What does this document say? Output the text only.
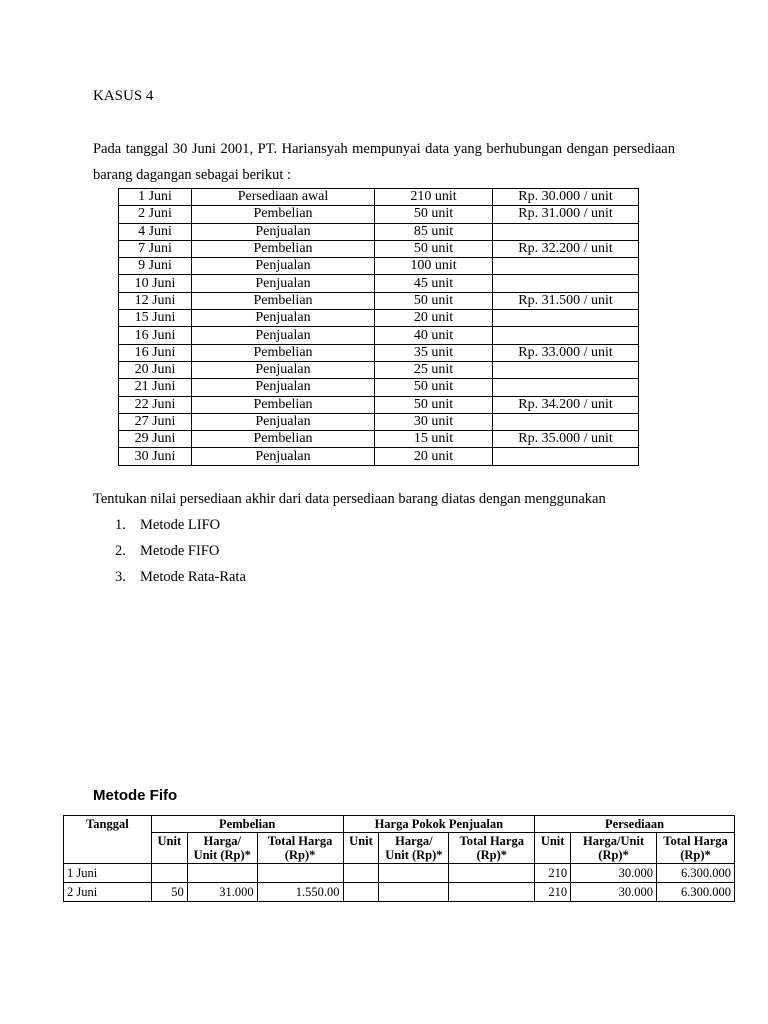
KASUS 4
Pada tanggal 30 Juni 2001, PT. Hariansyah mempunyai data yang berhubungan dengan persediaan barang dagangan sebagai berikut :
1 Juni	Persediaan awal	210 unit	Rp. 30.000 / unit
2 Juni	Pembelian	50 unit	Rp. 31.000 / unit
4 Juni	Penjualan	85 unit	
7 Juni	Pembelian	50 unit	Rp. 32.200 / unit
9 Juni	Penjualan	100 unit	
10 Juni	Penjualan	45 unit	
12 Juni	Pembelian	50 unit	Rp. 31.500 / unit
15 Juni	Penjualan	20 unit	
16 Juni	Penjualan	40 unit	
16 Juni	Pembelian	35 unit	Rp. 33.000 / unit
20 Juni	Penjualan	25 unit	
21 Juni	Penjualan	50 unit	
22 Juni	Pembelian	50 unit	Rp. 34.200 / unit
27 Juni	Penjualan	30 unit	
29 Juni	Pembelian	15 unit	Rp. 35.000 / unit
30 Juni	Penjualan	20 unit	
Tentukan nilai persediaan akhir dari data persediaan barang diatas dengan menggunakan
1. Metode LIFO
2. Metode FIFO
3. Metode Rata-Rata
Metode Fifo
Tanggal	Pembelian			Harga Pokok Penjualan			Persediaan		
	Unit	Harga/ Unit (Rp)*	Total Harga (Rp)*	Unit	Harga/ Unit (Rp)*	Total Harga (Rp)*	Unit	Harga/Unit (Rp)*	Total Harga (Rp)*
1 Juni							210	30.000	6.300.000
2 Juni	50	31.000	1.550.00				210	30.000	6.300.000
